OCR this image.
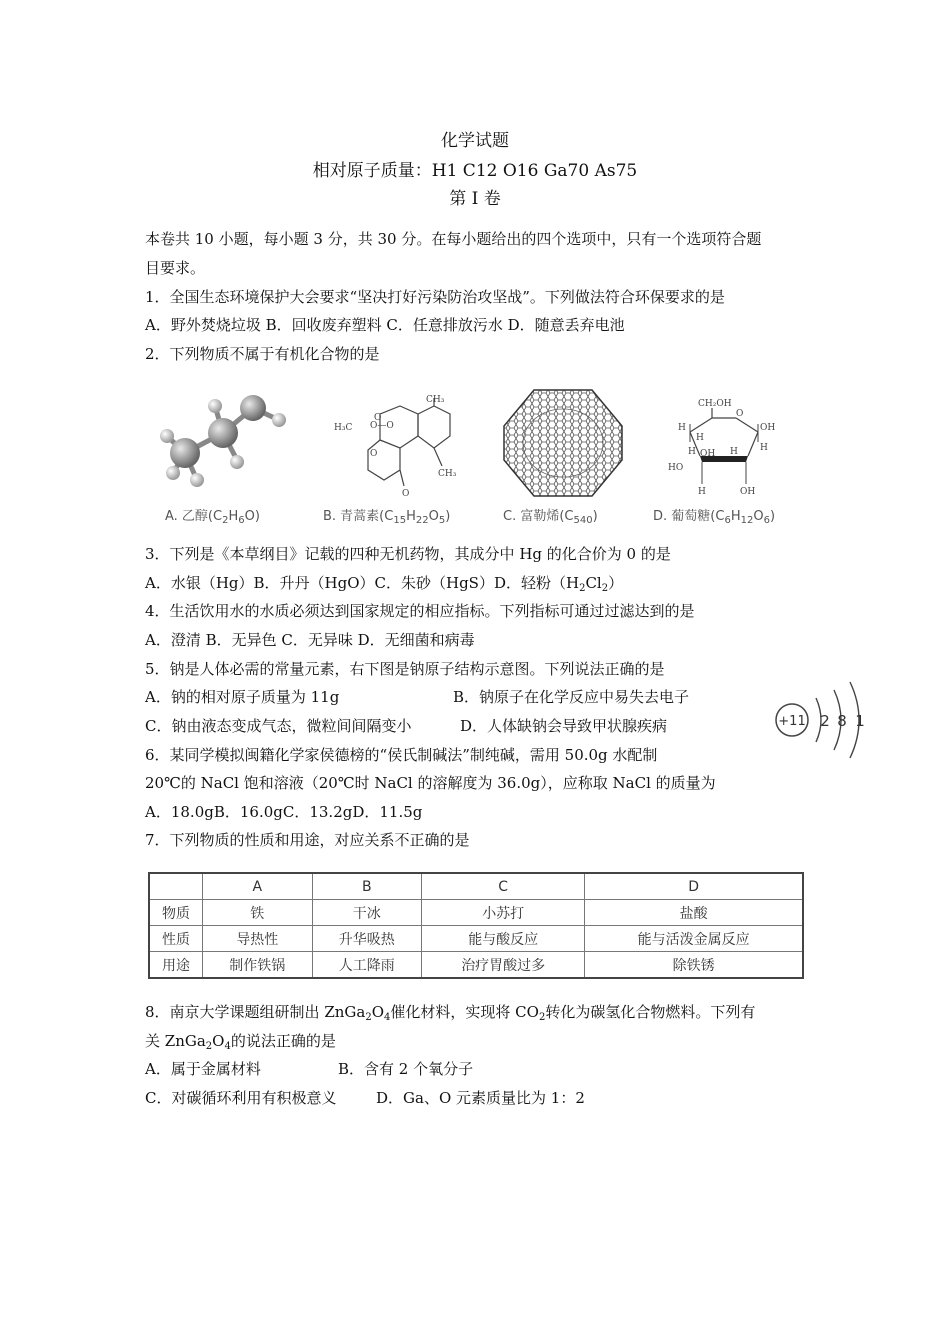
化学试题
相对原子质量：H1 C12 O16 Ga70 As75
第 I 卷
本卷共 10 小题，每小题 3 分，共 30 分。在每小题给出的四个选项中，只有一个选项符合题
目要求。
1．全国生态环境保护大会要求“坚决打好污染防治攻坚战”。下列做法符合环保要求的是
A．野外焚烧垃圾 B．回收废弃塑料 C．任意排放污水 D．随意丢弃电池
2．下列物质不属于有机化合物的是
A. 乙醇$(C_2H_6O)$
CH₃
H₃C O—O
O
O
O
CH₃
B. 青蒿素$(C_{15}H_{22}O_5)$	C. 富勒烯$(C_{540})$
CH₂OH
O
H
H
OH
H
OH
HO
H
H	OH
H
D. 葡萄糖$(C_6H_{12}O_6)$
3．下列是《本草纲目》记载的四种无机药物，其成分中 Hg 的化合价为 0 的是
A．水银（Hg）B．升丹（HgO）C．朱砂（HgS）D．轻粉$(H_2Cl_2)$
4．生活饮用水的水质必须达到国家规定的相应指标。下列指标可通过过滤达到的是
A．澄清 B．无异色 C．无异味 D．无细菌和病毒
5．钠是人体必需的常量元素，右下图是钠原子结构示意图。下列说法正确的是
A．钠的相对原子质量为 11g	B．钠原子在化学反应中易失去电子
C．钠由液态变成气态，微粒间间隔变小	D．人体缺钠会导致甲状腺疾病	+11 2 8 1
6．某同学模拟闽籍化学家侯德榜的“侯氏制碱法”制纯碱，需用 50.0g 水配制
20℃的 NaCl 饱和溶液（20℃时 NaCl 的溶解度为 36.0g），应称取 NaCl 的质量为
A．18.0gB．16.0gC．13.2gD．11.5g
7．下列物质的性质和用途，对应关系不正确的是
	A	B	C	D
物质	铁	干冰	小苏打	盐酸
性质	导热性	升华吸热	能与酸反应	能与活泼金属反应
用途	制作铁锅	人工降雨	治疗胃酸过多	除铁锈
8．南京大学课题组研制出 $ZnGa_2O_4$催化材料，实现将 $CO_2$转化为碳氢化合物燃料。下列有
关 $ZnGa_2O_4$的说法正确的是
A．属于金属材料	B．含有 2 个氧分子
C．对碳循环利用有积极意义	D．Ga、O 元素质量比为 1：2
